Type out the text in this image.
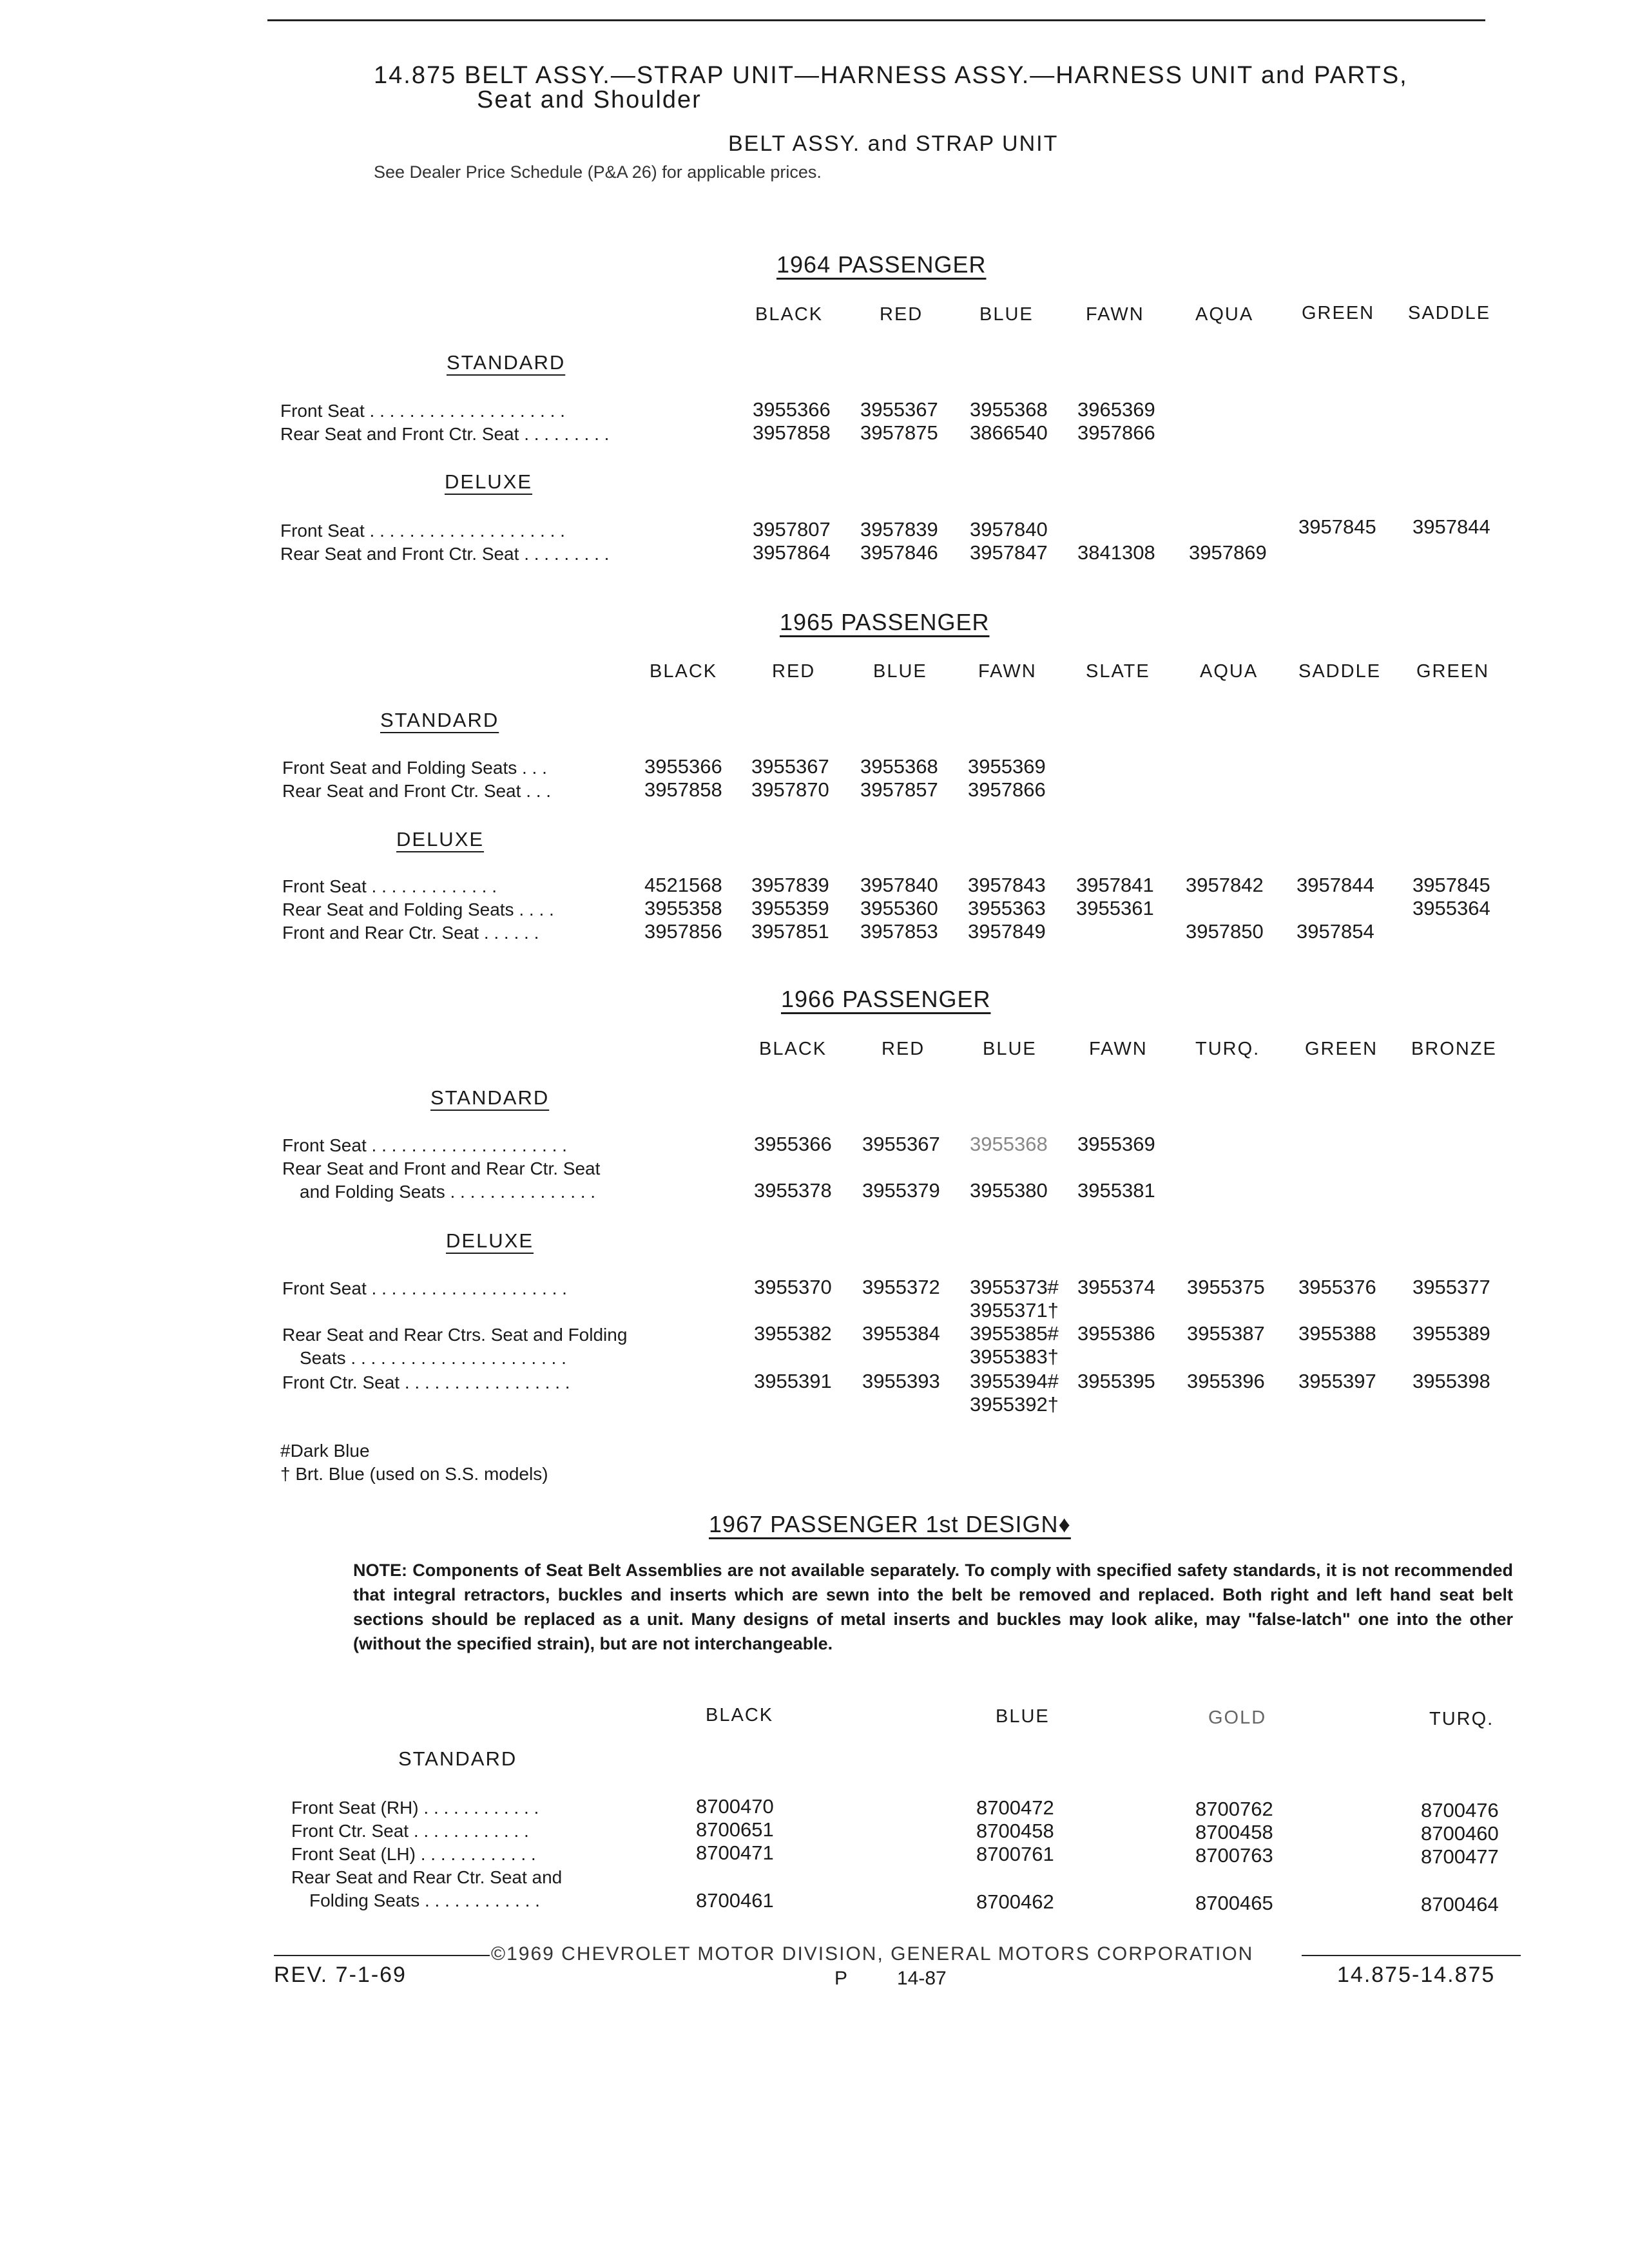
14.875 BELT ASSY.—STRAP UNIT—HARNESS ASSY.—HARNESS UNIT and PARTS,
Seat and Shoulder
BELT ASSY. and STRAP UNIT
See Dealer Price Schedule (P&A 26) for applicable prices.
1964 PASSENGER
BLACK	RED	BLUE	FAWN	AQUA	GREEN SADDLE
STANDARD
Front Seat . . . . . . . . . . . . . . . . . . . .	3955366 3955367 3955368 3965369
Rear Seat and Front Ctr. Seat . . . . . . . . .	3957858 3957875 3866540 3957866
DELUXE
Front Seat . . . . . . . . . . . . . . . . . . . .	3957807 3957839 3957840	3957845 3957844
Rear Seat and Front Ctr. Seat . . . . . . . . .	3957864 3957846 3957847 3841308 3957869
1965 PASSENGER
BLACK	RED	BLUE	FAWN	SLATE	AQUA SADDLE GREEN
STANDARD
Front Seat and Folding Seats . . .	3955366 3955367 3955368 3955369
Rear Seat and Front Ctr. Seat . . .	3957858 3957870 3957857 3957866
DELUXE
Front Seat . . . . . . . . . . . . .	4521568 3957839 3957840 3957843 3957841 3957842 3957844 3957845
Rear Seat and Folding Seats . . . .	3955358 3955359 3955360 3955363 3955361	3955364
Front and Rear Ctr. Seat . . . . . .	3957856 3957851 3957853 3957849	3957850 3957854
1966 PASSENGER
BLACK	RED	BLUE	FAWN	TURQ. GREEN BRONZE
STANDARD
Front Seat . . . . . . . . . . . . . . . . . . . .	3955366 3955367 3955368 3955369
Rear Seat and Front and Rear Ctr. Seat
and Folding Seats . . . . . . . . . . . . . . .	3955378 3955379 3955380 3955381
DELUXE
Front Seat . . . . . . . . . . . . . . . . . . . .	3955370 3955372 3955373# 3955374 3955375 3955376 3955377
3955371†
Rear Seat and Rear Ctrs. Seat and Folding	3955382 3955384 3955385# 3955386 3955387 3955388 3955389
Seats . . . . . . . . . . . . . . . . . . . . . .	3955383†
Front Ctr. Seat . . . . . . . . . . . . . . . . .	3955391 3955393 3955394# 3955395 3955396 3955397 3955398
3955392†
#Dark Blue
† Brt. Blue (used on S.S. models)
1967 PASSENGER 1st DESIGN♦
NOTE: Components of Seat Belt Assemblies are not available separately. To comply with specified safety standards, it is not recommended that integral retractors, buckles and inserts which are sewn into the belt be removed and replaced. Both right and left hand seat belt sections should be replaced as a unit. Many designs of metal inserts and buckles may look alike, may "false-latch" one into the other (without the specified strain), but are not interchangeable.
BLACK	BLUE	GOLD	TURQ.
STANDARD
Front Seat (RH) . . . . . . . . . . . .	8700470	8700472	8700762	8700476
Front Ctr. Seat . . . . . . . . . . . .	8700651	8700458	8700458	8700460
Front Seat (LH) . . . . . . . . . . . .	8700471	8700761	8700763	8700477
Rear Seat and Rear Ctr. Seat and
Folding Seats . . . . . . . . . . . .	8700461	8700462	8700465	8700464
©1969 CHEVROLET MOTOR DIVISION, GENERAL MOTORS CORPORATION
REV. 7-1-69	P	14-87	14.875-14.875
